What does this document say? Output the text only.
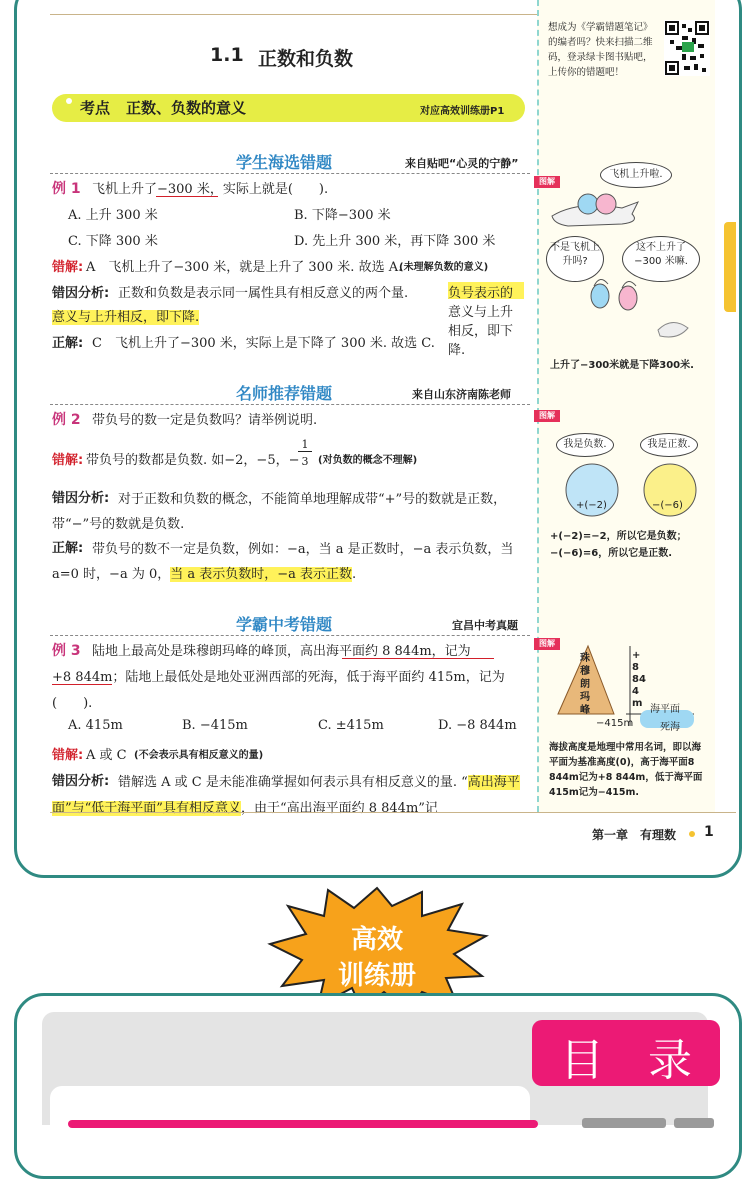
1.1 正数和负数
想成为《学霸错题笔记》的编者吗？快来扫描二维码，登录绿卡图书贴吧，上传你的错题吧！
考点 正数、负数的意义	对应高效训练册P1
学生海选错题	来自贴吧“心灵的宁静”
例 1 飞机上升了−300 米，实际上就是(　　).
A. 上升 300 米	B. 下降−300 米
C. 下降 300 米	D. 先上升 300 米，再下降 300 米
错解: A　飞机上升了−300 米，就是上升了 300 米. 故选 A.
(未理解负数的意义)
错因分析: 正数和负数是表示同一属性具有相反意义的两个量.	负号表示的意义与上升相反，即下降.
意义与上升相反，即下降.
正解: C　飞机上升了−300 米，实际上是下降了 300 米. 故选 C.
名师推荐错题	来自山东济南陈老师
例 2 带负号的数一定是负数吗？请举例说明.
错解: 带负号的数都是负数. 如−2，−5，−
1
3 (对负数的概念不理解)
错因分析: 对于正数和负数的概念，不能简单地理解成带“+”号的数就是正数，带“−”号的数就是负数.
正解: 带负号的数不一定是负数，例如：−a，当 a 是正数时，−a 表示负数，当 a=0 时，−a 为 0，当 a 表示负数时，−a 表示正数.
学霸中考错题	宜昌中考真题
例 3 陆地上最高处是珠穆朗玛峰的峰顶，高出海平面约 8 844m，记为
+8 844m；陆地上最低处是地处亚洲西部的死海，低于海平面约 415m，记为
(　　).
A. 415m	B. −415m	C. ±415m	D. −8 844m
错解: A 或 C (不会表示具有相反意义的量)
错因分析: 错解选 A 或 C 是未能准确掌握如何表示具有相反意义的量. “高出海平面”与“低于海平面”具有相反意义，由于“高出海平面约 8 844m”记
图解
飞机上升啦.
不是飞机上升吗?
这不上升了−300 米嘛.
上升了−300米就是下降300米.
图解
我是负数.	我是正数.
+(−2)	−(−6)
+(−2)=−2，所以它是负数；
−(−6)=6，所以它是正数.
图解
珠穆朗玛峰
+8 844m
海平面
−415m	死海
海拔高度是地理中常用名词，即以海平面为基准高度(0)，高于海平面8 844m记为+8 844m，低于海平面 415m记为−415m.
第一章　有理数 1
高效
训练册
目　录
